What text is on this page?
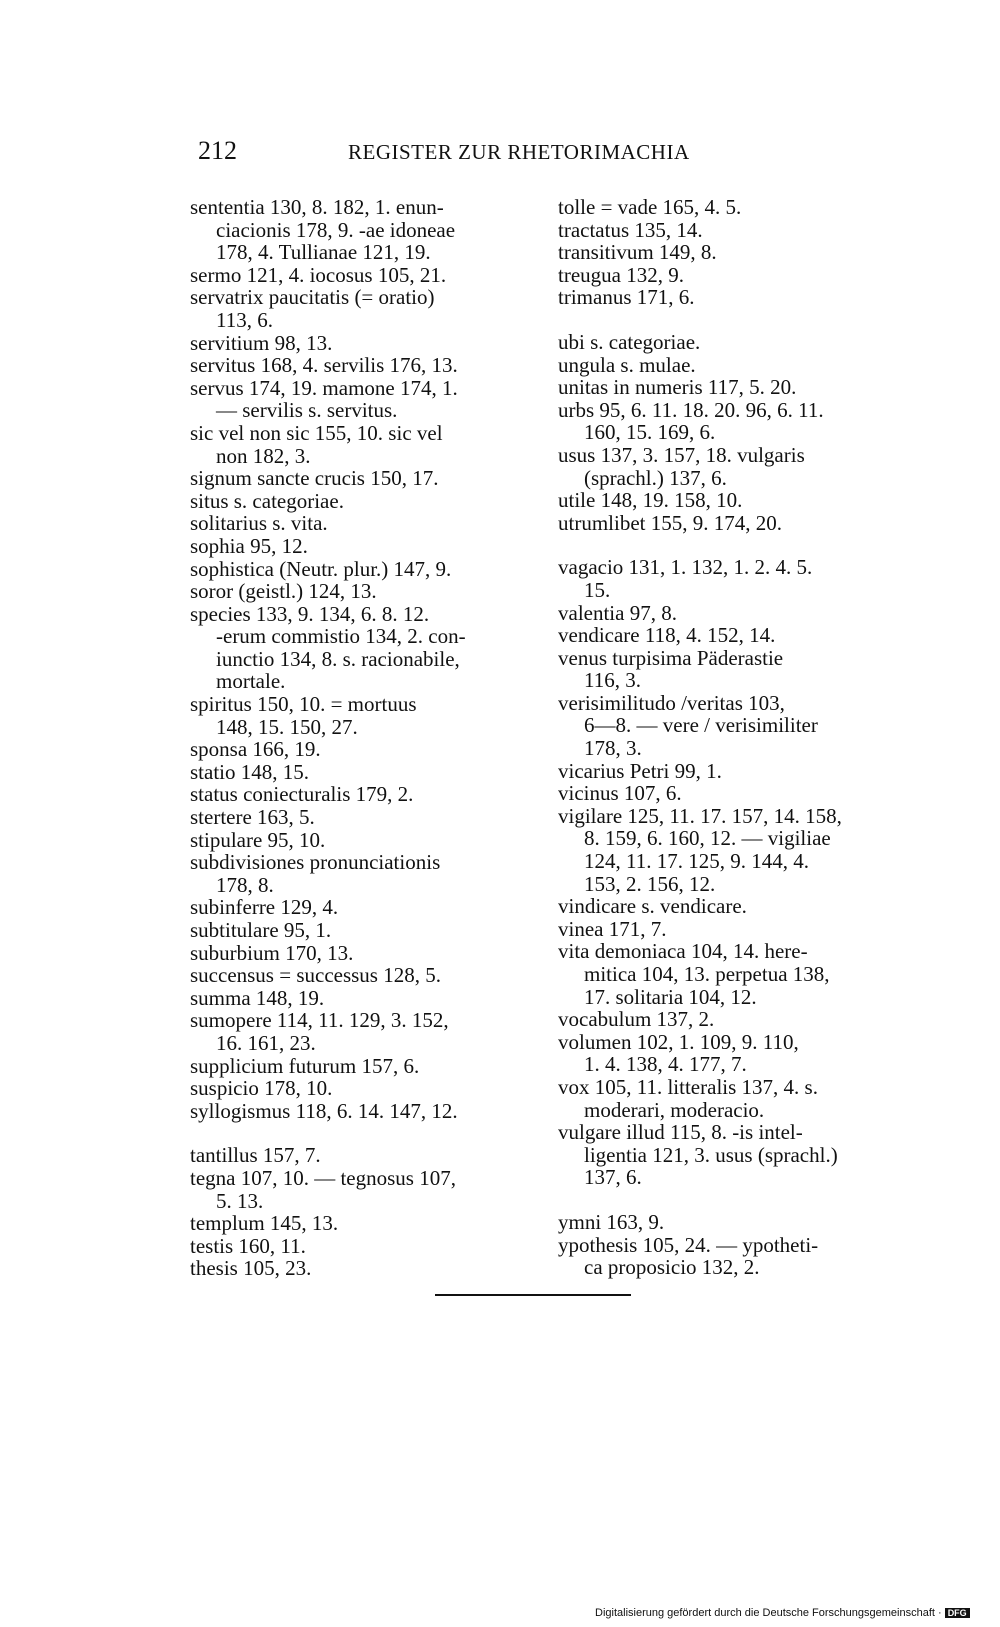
212	REGISTER ZUR RHETORIMACHIA
sententia 130, 8. 182, 1. enun-
ciacionis 178, 9. -ae idoneae
178, 4. Tullianae 121, 19.
sermo 121, 4. iocosus 105, 21.
servatrix paucitatis (= oratio)
113, 6.
servitium 98, 13.
servitus 168, 4. servilis 176, 13.
servus 174, 19. mamone 174, 1.
— servilis s. servitus.
sic vel non sic 155, 10. sic vel
non 182, 3.
signum sancte crucis 150, 17.
situs s. categoriae.
solitarius s. vita.
sophia 95, 12.
sophistica (Neutr. plur.) 147, 9.
soror (geistl.) 124, 13.
species 133, 9. 134, 6. 8. 12.
-erum commistio 134, 2. con-
iunctio 134, 8. s. racionabile,
mortale.
spiritus 150, 10. = mortuus
148, 15. 150, 27.
sponsa 166, 19.
statio 148, 15.
status coniecturalis 179, 2.
stertere 163, 5.
stipulare 95, 10.
subdivisiones pronunciationis
178, 8.
subinferre 129, 4.
subtitulare 95, 1.
suburbium 170, 13.
succensus = successus 128, 5.
summa 148, 19.
sumopere 114, 11. 129, 3. 152,
16. 161, 23.
supplicium futurum 157, 6.
suspicio 178, 10.
syllogismus 118, 6. 14. 147, 12.
tantillus 157, 7.
tegna 107, 10. — tegnosus 107,
5. 13.
templum 145, 13.
testis 160, 11.
thesis 105, 23.
tolle = vade 165, 4. 5.
tractatus 135, 14.
transitivum 149, 8.
treugua 132, 9.
trimanus 171, 6.
ubi s. categoriae.
ungula s. mulae.
unitas in numeris 117, 5. 20.
urbs 95, 6. 11. 18. 20. 96, 6. 11.
160, 15. 169, 6.
usus 137, 3. 157, 18. vulgaris
(sprachl.) 137, 6.
utile 148, 19. 158, 10.
utrumlibet 155, 9. 174, 20.
vagacio 131, 1. 132, 1. 2. 4. 5.
15.
valentia 97, 8.
vendicare 118, 4. 152, 14.
venus turpisima Päderastie
116, 3.
verisimilitudo /veritas 103,
6—8. — vere / verisimiliter
178, 3.
vicarius Petri 99, 1.
vicinus 107, 6.
vigilare 125, 11. 17. 157, 14. 158,
8. 159, 6. 160, 12. — vigiliae
124, 11. 17. 125, 9. 144, 4.
153, 2. 156, 12.
vindicare s. vendicare.
vinea 171, 7.
vita demoniaca 104, 14. here-
mitica 104, 13. perpetua 138,
17. solitaria 104, 12.
vocabulum 137, 2.
volumen 102, 1. 109, 9. 110,
1. 4. 138, 4. 177, 7.
vox 105, 11. litteralis 137, 4. s.
moderari, moderacio.
vulgare illud 115, 8. -is intel-
ligentia 121, 3. usus (sprachl.)
137, 6.
ymni 163, 9.
ypothesis 105, 24. — ypotheti-
ca proposicio 132, 2.
Digitalisierung gefördert durch die Deutsche Forschungsgemeinschaft · DFG
